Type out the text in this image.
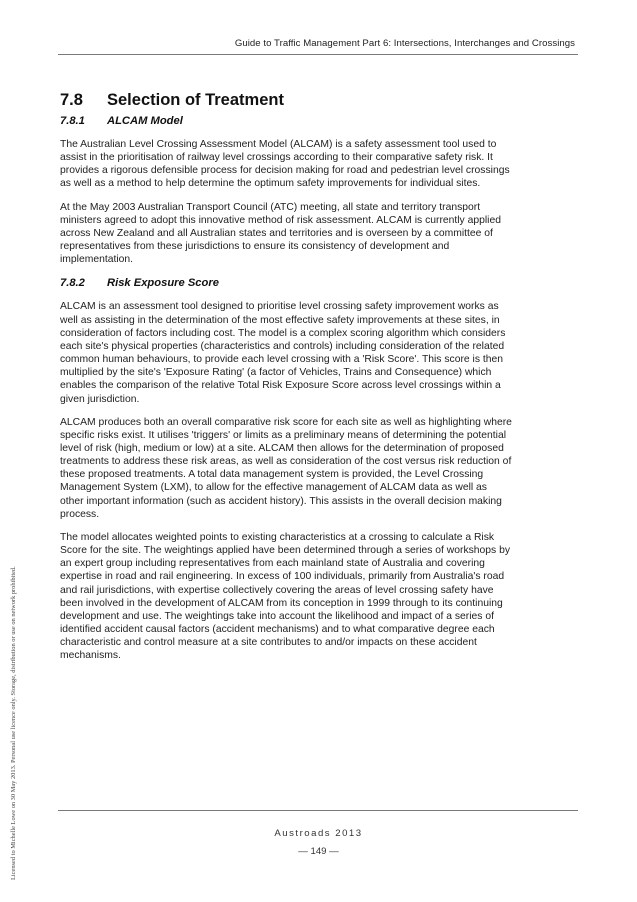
Guide to Traffic Management Part 6: Intersections, Interchanges and Crossings
Licensed to Michelle Lowe on 30 May 2013. Personal use licence only. Storage, distribution or use on network prohibited.
7.8	Selection of Treatment
7.8.1	ALCAM Model

The Australian Level Crossing Assessment Model (ALCAM) is a safety assessment tool used to
assist in the prioritisation of railway level crossings according to their comparative safety risk. It
provides a rigorous defensible process for decision making for road and pedestrian level crossings
as well as a method to help determine the optimum safety improvements for individual sites.

At the May 2003 Australian Transport Council (ATC) meeting, all state and territory transport
ministers agreed to adopt this innovative method of risk assessment. ALCAM is currently applied
across New Zealand and all Australian states and territories and is overseen by a committee of
representatives from these jurisdictions to ensure its consistency of development and
implementation.

7.8.2	Risk Exposure Score

ALCAM is an assessment tool designed to prioritise level crossing safety improvement works as
well as assisting in the determination of the most effective safety improvements at these sites, in
consideration of factors including cost. The model is a complex scoring algorithm which considers
each site's physical properties (characteristics and controls) including consideration of the related
common human behaviours, to provide each level crossing with a 'Risk Score'. This score is then
multiplied by the site's 'Exposure Rating' (a factor of Vehicles, Trains and Consequence) which
enables the comparison of the relative Total Risk Exposure Score across level crossings within a
given jurisdiction.

ALCAM produces both an overall comparative risk score for each site as well as highlighting where
specific risks exist. It utilises 'triggers' or limits as a preliminary means of determining the potential
level of risk (high, medium or low) at a site. ALCAM then allows for the determination of proposed
treatments to address these risk areas, as well as consideration of the cost versus risk reduction of
these proposed treatments. A total data management system is provided, the Level Crossing
Management System (LXM), to allow for the effective management of ALCAM data as well as
other important information (such as accident history). This assists in the overall decision making
process.

The model allocates weighted points to existing characteristics at a crossing to calculate a Risk
Score for the site. The weightings applied have been determined through a series of workshops by
an expert group including representatives from each mainland state of Australia and covering
expertise in road and rail engineering. In excess of 100 individuals, primarily from Australia's road
and rail jurisdictions, with expertise collectively covering the areas of level crossing safety have
been involved in the development of ALCAM from its conception in 1999 through to its continuing
development and use. The weightings take into account the likelihood and impact of a series of
identified accident causal factors (accident mechanisms) and to what comparative degree each
characteristic and control measure at a site contributes to and/or impacts on these accident
mechanisms.

Austroads 2013
— 149 —
